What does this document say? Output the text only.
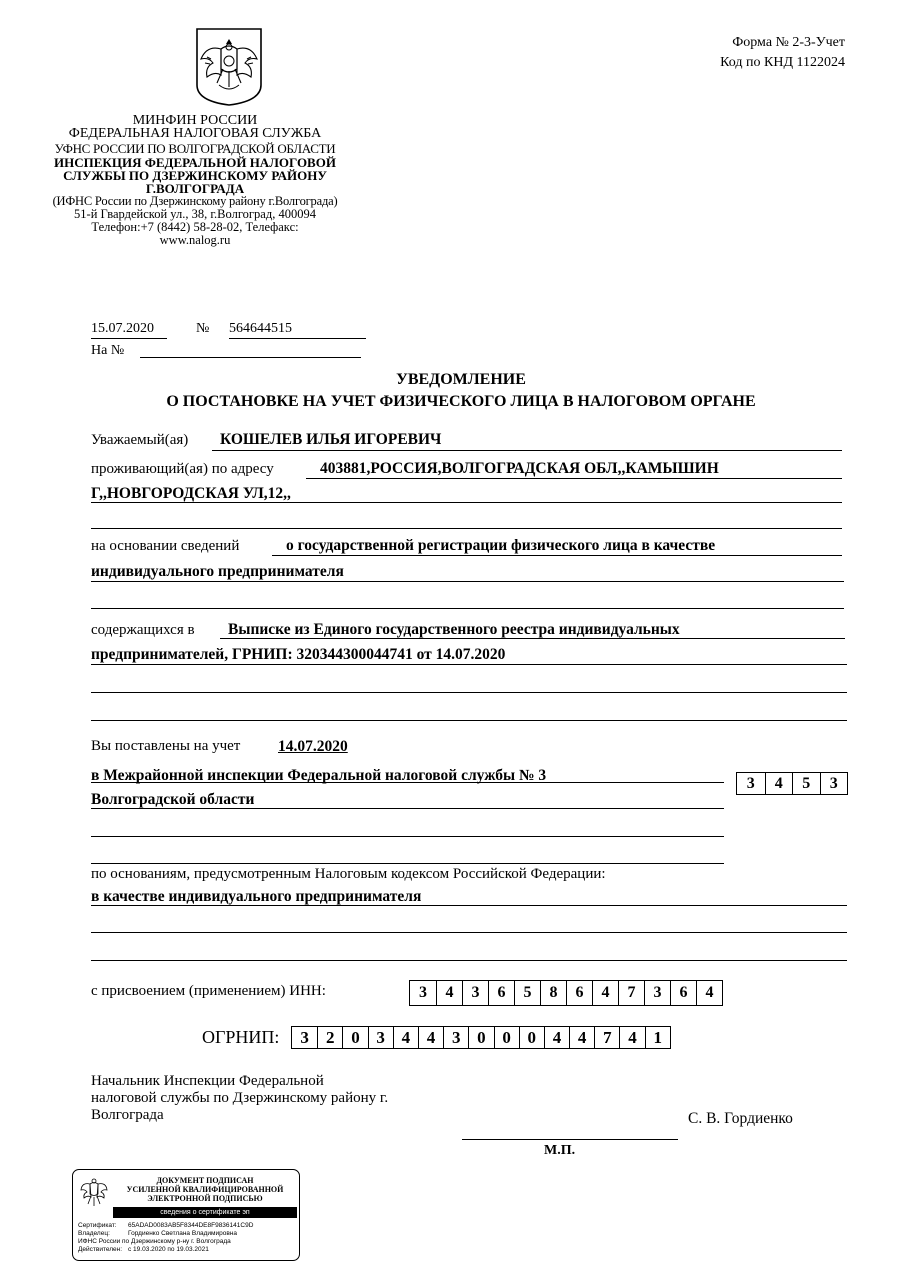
МИНФИН РОССИИ
ФЕДЕРАЛЬНАЯ НАЛОГОВАЯ СЛУЖБА
УФНС РОССИИ ПО ВОЛГОГРАДСКОЙ ОБЛАСТИ
ИНСПЕКЦИЯ ФЕДЕРАЛЬНОЙ НАЛОГОВОЙ
СЛУЖБЫ ПО ДЗЕРЖИНСКОМУ РАЙОНУ
Г.ВОЛГОГРАДА
(ИФНС России по Дзержинскому району г.Волгограда)
51-й Гвардейской ул., 38, г.Волгоград, 400094
Телефон:+7 (8442) 58-28-02, Телефакс:
www.nalog.ru
Форма № 2-3-Учет
Код по КНД 1122024
15.07.2020	№ 564644515
На №
УВЕДОМЛЕНИЕ
О ПОСТАНОВКЕ НА УЧЕТ ФИЗИЧЕСКОГО ЛИЦА В НАЛОГОВОМ ОРГАНЕ
Уважаемый(ая) КОШЕЛЕВ ИЛЬЯ ИГОРЕВИЧ
проживающий(ая) по адресу	403881,РОССИЯ,ВОЛГОГРАДСКАЯ ОБЛ,,КАМЫШИН
Г,,НОВГОРОДСКАЯ УЛ,12,,
на основании сведений	о государственной регистрации физического лица в качестве
индивидуального предпринимателя
содержащихся в Выписке из Единого государственного реестра индивидуальных
предпринимателей, ГРНИП: 320344300044741 от 14.07.2020
Вы поставлены на учет 14.07.2020
в Межрайонной инспекции Федеральной налоговой службы № 3
Волгоградской области
3	4	5	3
по основаниям, предусмотренным Налоговым кодексом Российской Федерации:
в качестве индивидуального предпринимателя
с присвоением (применением) ИНН:	3	4	3	6	5	8	6	4	7	3	6	4
ОГРНИП:	3	2 0 3 4 4 3 0 0 0 4 4 7 4 1
Начальник Инспекции Федеральной
налоговой службы по Дзержинскому району г.
Волгограда	С. В. Гордиенко
М.П.
ДОКУМЕНТ ПОДПИСАН
УСИЛЕННОЙ КВАЛИФИЦИРОВАННОЙ
ЭЛЕКТРОННОЙ ПОДПИСЬЮ
сведения о сертификате эп
Сертификат: 65ADAD0083AB5F8344DE8F9836141C9D
Владелец:	Гордиенко Светлана Владимировна
ИФНС России по Дзержинскому р-ну г. Волгограда
Действителен: с 19.03.2020 по 19.03.2021
